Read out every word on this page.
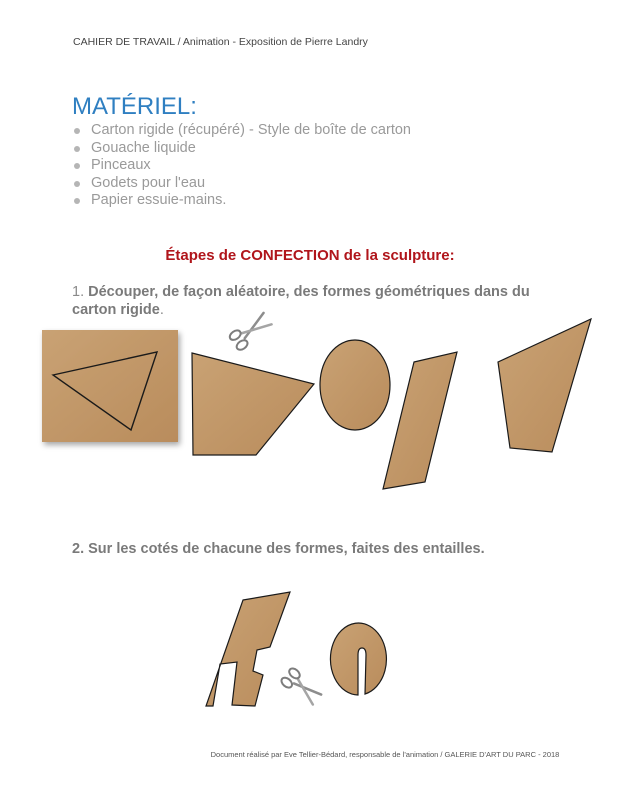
CAHIER DE TRAVAIL / Animation - Exposition de Pierre Landry
MATÉRIEL:
Carton rigide (récupéré) - Style de boîte de carton
Gouache liquide
Pinceaux
Godets pour l'eau
Papier essuie-mains.
Étapes de CONFECTION de la sculpture:
1. Découper, de façon aléatoire, des formes géométriques dans du carton rigide.
2. Sur les cotés de chacune des formes, faites des entailles.
Document réalisé par Eve Tellier-Bédard, responsable de l'animation / GALERIE D'ART DU PARC - 2018
